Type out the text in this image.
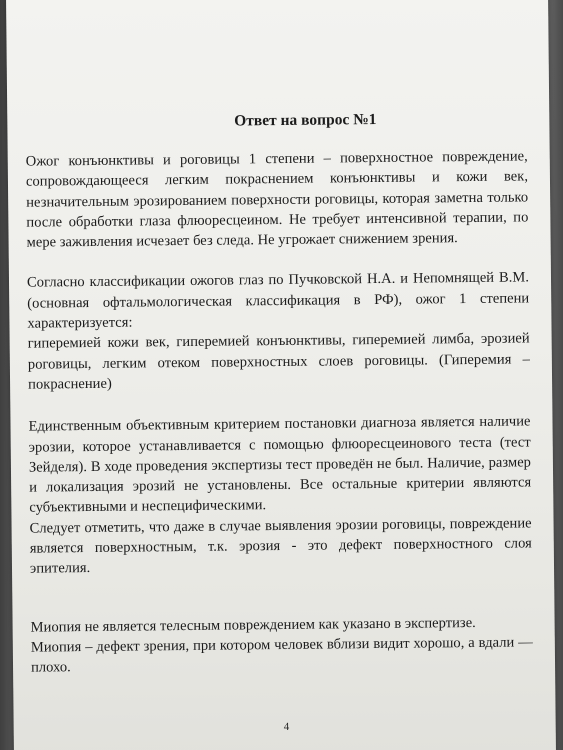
Ответ на вопрос №1

Ожог конъюнктивы и роговицы 1 степени – поверхностное повреждение, сопровождающееся легким покраснением конъюнктивы и кожи век, незначительным эрозированием поверхности роговицы, которая заметна только после обработки глаза флюоресцеином. Не требует интенсивной терапии, по мере заживления исчезает без следа. Не угрожает снижением зрения.

Согласно классификации ожогов глаз по Пучковской Н.А. и Непомнящей В.М. (основная офтальмологическая классификация в РФ), ожог 1 степени характеризуется:

гиперемией кожи век, гиперемией конъюнктивы, гиперемией лимба, эрозией роговицы, легким отеком поверхностных слоев роговицы. (Гиперемия – покраснение)

Единственным объективным критерием постановки диагноза является наличие эрозии, которое устанавливается с помощью флюоресцеинового теста (тест Зейделя). В ходе проведения экспертизы тест проведён не был. Наличие, размер и локализация эрозий не установлены. Все остальные критерии являются субъективными и неспецифическими.

Следует отметить, что даже в случае выявления эрозии роговицы, повреждение является поверхностным, т.к. эрозия - это дефект поверхностного слоя эпителия.

Миопия не является телесным повреждением как указано в экспертизе.

Миопия – дефект зрения, при котором человек вблизи видит хорошо, а вдали — плохо.

4
